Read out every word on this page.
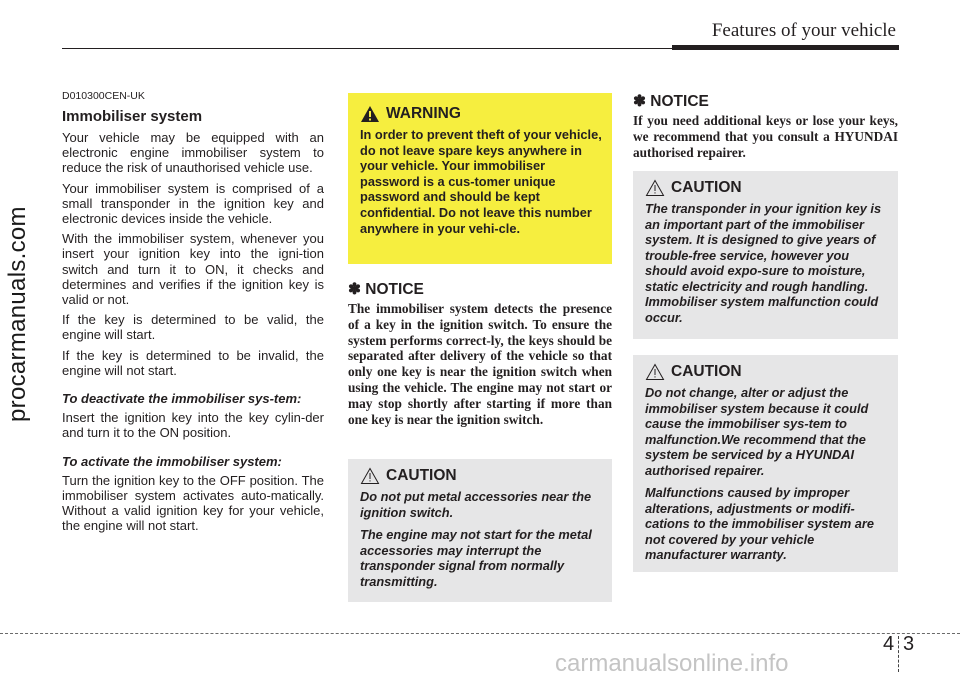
Features of your vehicle
procarmanuals.com
D010300CEN-UK
Immobiliser system

Your vehicle may be equipped with an electronic engine immobiliser system to reduce the risk of unauthorised vehicle use.

Your immobiliser system is comprised of a small transponder in the ignition key and electronic devices inside the vehicle.

With the immobiliser system, whenever you insert your ignition key into the igni-tion switch and turn it to ON, it checks and determines and verifies if the ignition key is valid or not.

If the key is determined to be valid, the engine will start.

If the key is determined to be invalid, the engine will not start.

To deactivate the immobiliser sys-tem:

Insert the ignition key into the key cylin-der and turn it to the ON position.

To activate the immobiliser system:

Turn the ignition key to the OFF position. The immobiliser system activates auto-matically. Without a valid ignition key for your vehicle, the engine will not start.

WARNING

In order to prevent theft of your vehicle, do not leave spare keys anywhere in your vehicle. Your immobiliser password is a cus-tomer unique password and should be kept confidential. Do not leave this number anywhere in your vehi-cle.

✽ NOTICE

The immobiliser system detects the presence of a key in the ignition switch. To ensure the system performs correct-ly, the keys should be separated after delivery of the vehicle so that only one key is near the ignition switch when using the vehicle. The engine may not start or may stop shortly after starting if more than one key is near the ignition switch.

CAUTION

Do not put metal accessories near the ignition switch.

The engine may not start for the metal accessories may interrupt the transponder signal from normally transmitting.

✽ NOTICE

If you need additional keys or lose your keys, we recommend that you consult a HYUNDAI authorised repairer.

CAUTION

The transponder in your ignition key is an important part of the immobiliser system. It is designed to give years of trouble-free service, however you should avoid expo-sure to moisture, static electricity and rough handling. Immobiliser system malfunction could occur.

CAUTION

Do not change, alter or adjust the immobiliser system because it could cause the immobiliser sys-tem to malfunction.We recommend that the system be serviced by a HYUNDAI authorised repairer.

Malfunctions caused by improper alterations, adjustments or modifi-cations to the immobiliser system are not covered by your vehicle manufacturer warranty.

4 3
carmanualsonline.info
